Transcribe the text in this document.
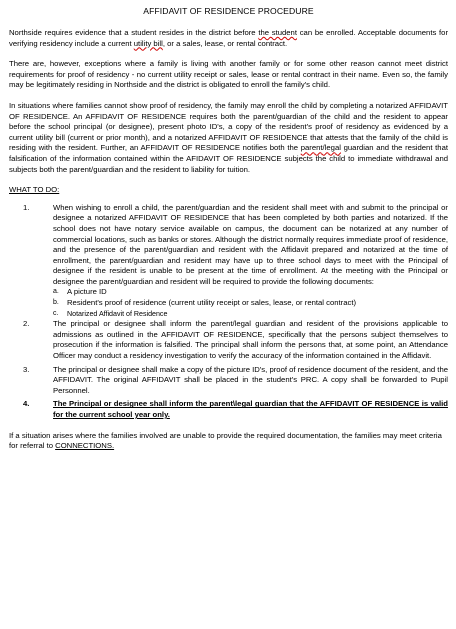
AFFIDAVIT OF RESIDENCE PROCEDURE

Northside requires evidence that a student resides in the district before the student can be enrolled. Acceptable documents for verifying residency include a current utility bill, or a sales, lease, or rental contract.

There are, however, exceptions where a family is living with another family or for some other reason cannot meet district requirements for proof of residency - no current utility receipt or sales, lease or rental contract in their name. Even so, the family may be legitimately residing in Northside and the district is obligated to enroll the family's child.

In situations where families cannot show proof of residency, the family may enroll the child by completing a notarized AFFIDAVIT OF RESIDENCE. An AFFIDAVIT OF RESIDENCE requires both the parent/guardian of the child and the resident to appear before the school principal (or designee), present photo ID's, a copy of the resident's proof of residency as evidenced by a current utility bill (current or prior month), and a notarized AFFIDAVIT OF RESIDENCE that attests that the family of the child is residing with the resident. Further, an AFFIDAVIT OF RESIDENCE notifies both the parent/legal guardian and the resident that falsification of the information contained within the AFIDAVIT OF RESIDENCE subjects the child to immediate withdrawal and subjects both the parent/guardian and the resident to liability for tuition.

WHAT TO DO:
1.	When wishing to enroll a child, the parent/guardian and the resident shall meet with and submit to the principal or designee a notarized AFFIDAVIT OF RESIDENCE that has been completed by both parties and notarized. If the school does not have notary service available on campus, the document can be notarized at any number of commercial locations, such as banks or stores. Although the district normally requires immediate proof of residence, and the presence of the parent/guardian and resident with the Affidavit prepared and notarized at the time of enrollment, the parent/guardian and resident may have up to three school days to meet with the Principal of designee if the resident is unable to be present at the time of enrollment. At the meeting with the Principal or designee the parent/guardian and resident will be required to provide the following documents:
a.	A picture ID
b.	Resident's proof of residence (current utility receipt or sales, lease, or rental contract)
c.	Notarized Affidavit of Residence
2.	The principal or designee shall inform the parent/legal guardian and resident of the provisions applicable to admissions as outlined in the AFFIDAVIT OF RESIDENCE, specifically that the persons subject themselves to prosecution if the information is falsified. The principal shall inform the persons that, at some point, an Attendance Officer may conduct a residency investigation to verify the accuracy of the information contained in the Affidavit.
3.	The principal or designee shall make a copy of the picture ID's, proof of residence document of the resident, and the AFFIDAVIT. The original AFFIDAVIT shall be placed in the student's PRC. A copy shall be forwarded to Pupil Personnel.
4.	The Principal or designee shall inform the parent\legal guardian that the AFFIDAVIT OF RESIDENCE is valid for the current school year only.

If a situation arises where the families involved are unable to provide the required documentation, the families may meet criteria for referral to CONNECTIONS.
